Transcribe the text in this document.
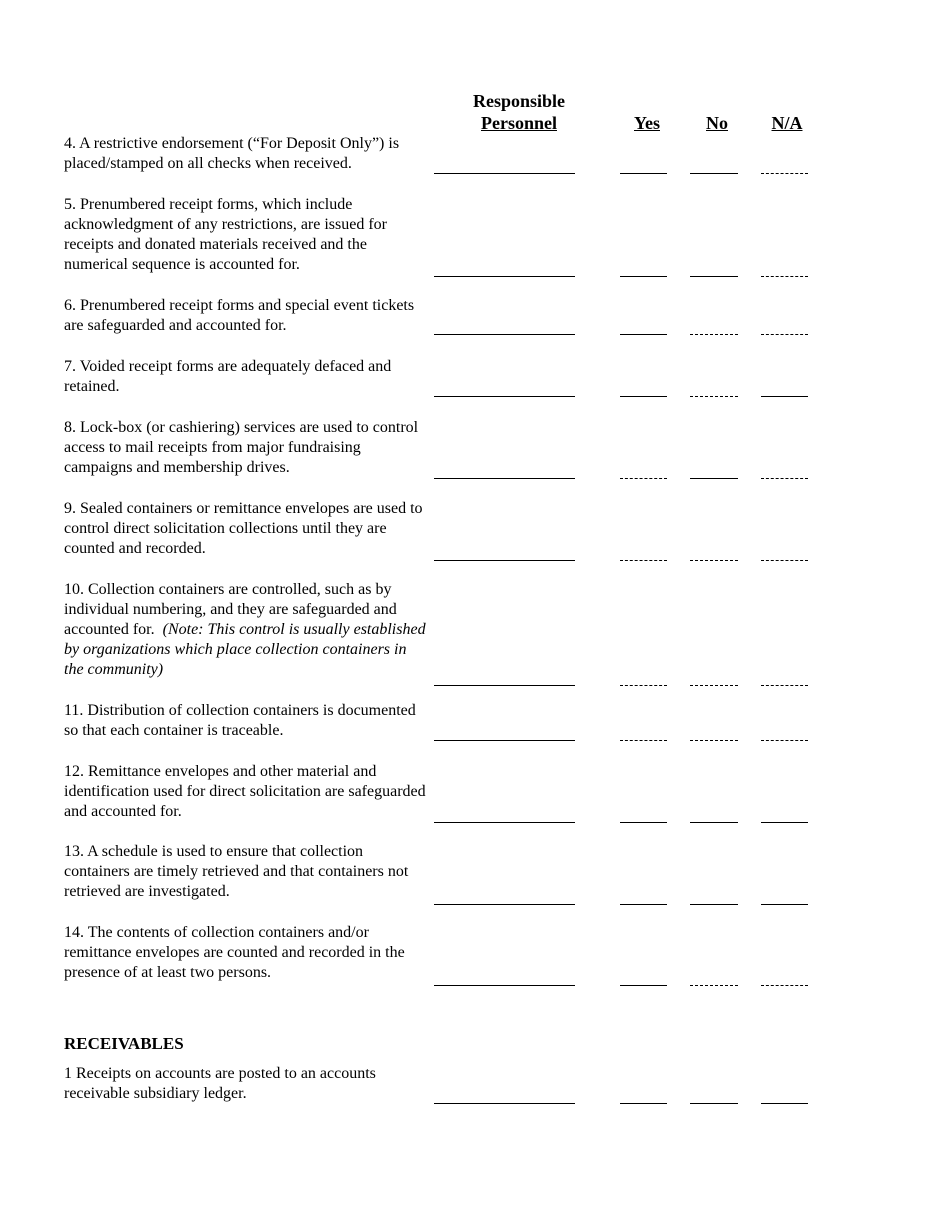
Responsible
Personnel	Yes	No	N/A
4. A restrictive endorsement (“For Deposit Only”) is placed/stamped on all checks when received.
5. Prenumbered receipt forms, which include acknowledgment of any restrictions, are issued for receipts and donated materials received and the numerical sequence is accounted for.
6. Prenumbered receipt forms and special event tickets are safeguarded and accounted for.
7. Voided receipt forms are adequately defaced and retained.
8. Lock-box (or cashiering) services are used to control access to mail receipts from major fundraising campaigns and membership drives.
9. Sealed containers or remittance envelopes are used to control direct solicitation collections until they are counted and recorded.
10. Collection containers are controlled, such as by individual numbering, and they are safeguarded and accounted for. (Note: This control is usually established by organizations which place collection containers in the community)
11. Distribution of collection containers is documented so that each container is traceable.
12. Remittance envelopes and other material and identification used for direct solicitation are safeguarded and accounted for.
13. A schedule is used to ensure that collection containers are timely retrieved and that containers not retrieved are investigated.
14. The contents of collection containers and/or remittance envelopes are counted and recorded in the presence of at least two persons.
RECEIVABLES
1 Receipts on accounts are posted to an accounts receivable subsidiary ledger.
